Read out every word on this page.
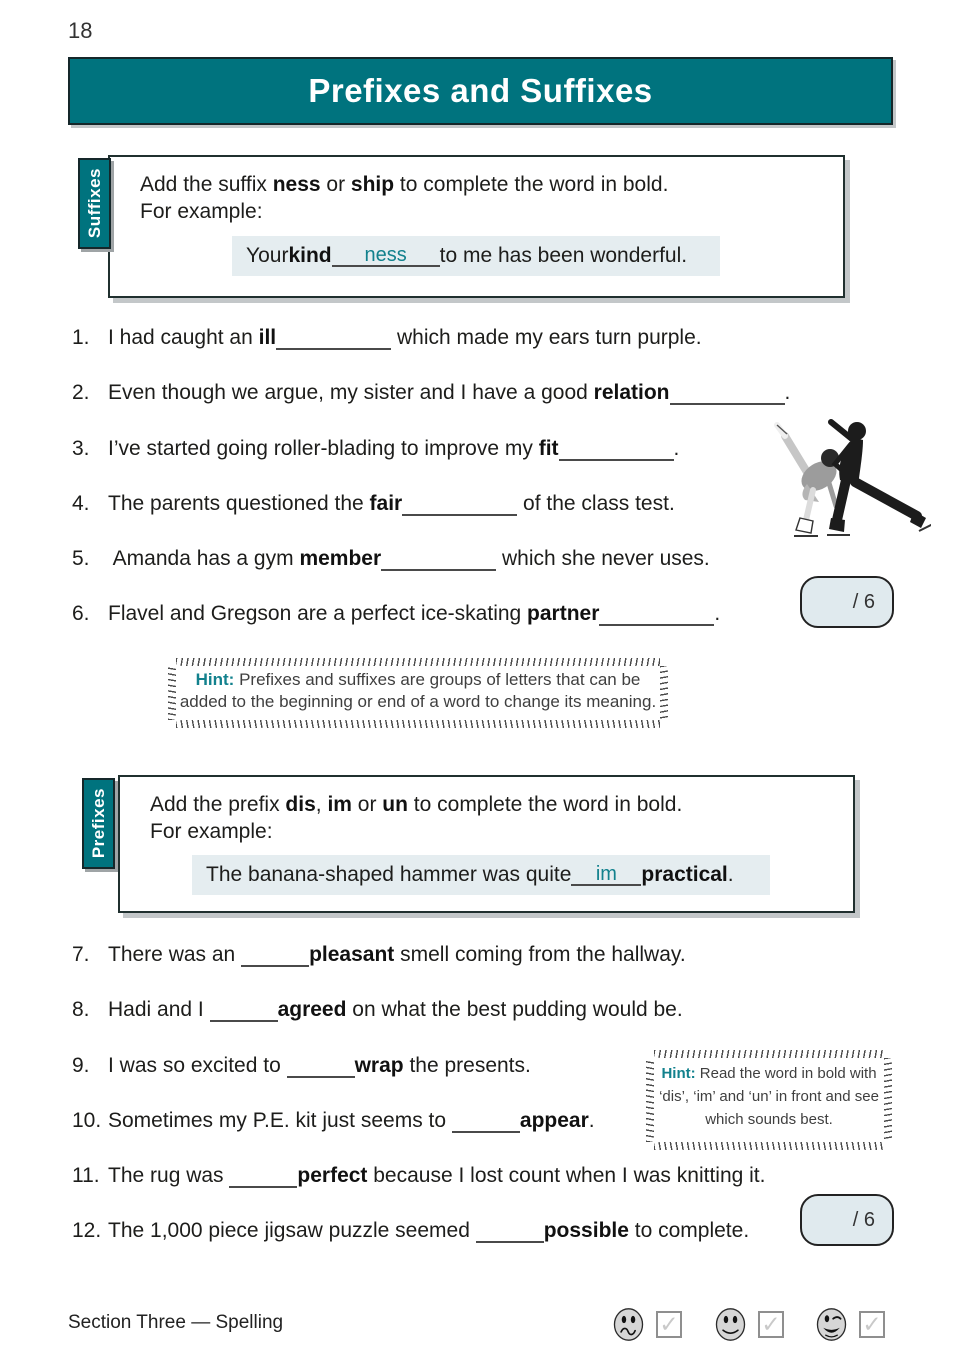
18
Prefixes and Suffixes
Suffixes Add the suffix ness or ship to complete the word in bold.
For example:
Your kind	ness	to me has been wonderful.
1. I had caught an ill	which made my ears turn purple.
2. Even though we argue, my sister and I have a good relation	.
3. I’ve started going roller-blading to improve my fit	.
4. The parents questioned the fair	of the class test.
5. Amanda has a gym member	which she never uses.
6. Flavel and Gregson are a perfect ice-skating partner	.
/ 6
Hint: Prefixes and suffixes are groups of letters that can be added to the beginning or end of a word to change its meaning.
Prefixes Add the prefix dis, im or un to complete the word in bold.
For example:
The banana-shaped hammer was quite	im	practical .
7. There was an	pleasant smell coming from the hallway.
8. Hadi and I	agreed on what the best pudding would be.
9. I was so excited to	wrap the presents.
10. Sometimes my P.E. kit just seems to	appear.
11. The rug was	perfect because I lost count when I was knitting it.
12. The 1,000 piece jigsaw puzzle seemed	possible to complete.	/ 6
Hint: Read the word in bold with ‘dis’, ‘im’ and ‘un’ in front and see which sounds best.
Section Three — Spelling	✓	✓	✓
